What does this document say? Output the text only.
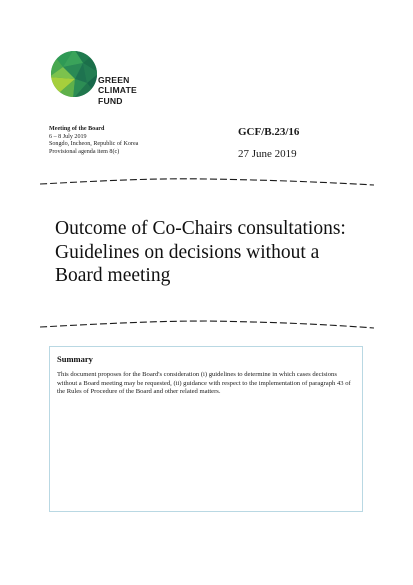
GREEN
CLIMATE
FUND
Meeting of the Board
6 – 8 July 2019
Songdo, Incheon, Republic of Korea
Provisional agenda item 8(c)
GCF/B.23/16
27 June 2019
Outcome of Co-Chairs consultations:
Guidelines on decisions without a
Board meeting
Summary

This document proposes for the Board's consideration (i) guidelines to determine in which cases decisions without a Board meeting may be requested, (ii) guidance with respect to the implementation of paragraph 43 of the Rules of Procedure of the Board and other related matters.
